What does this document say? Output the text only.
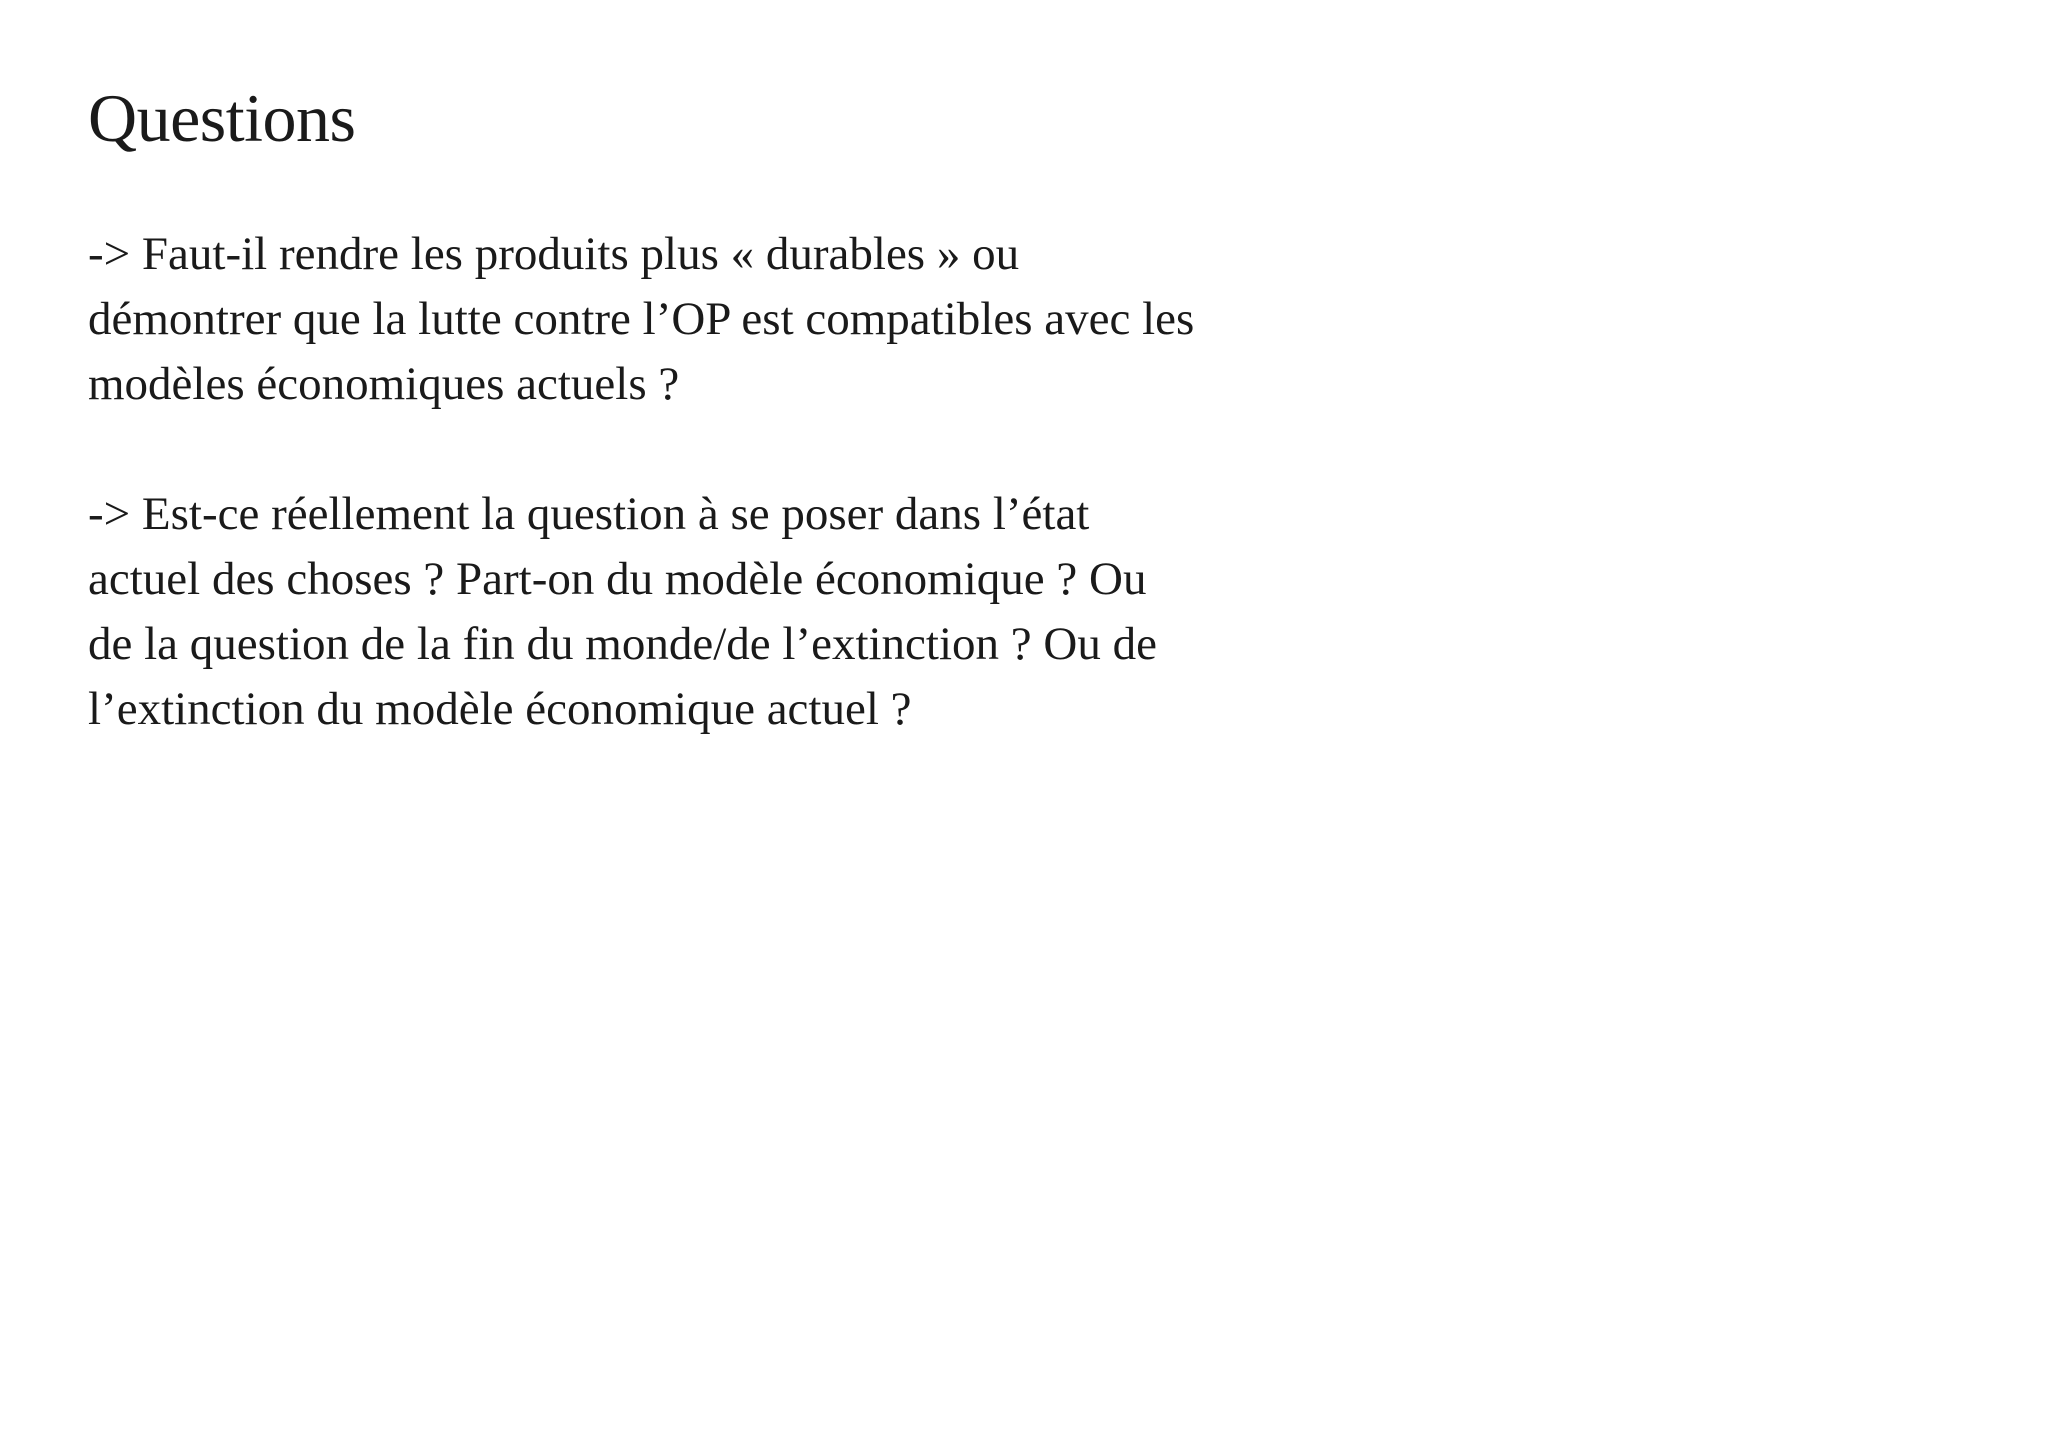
Questions

-> Faut-il rendre les produits plus « durables » ou
démontrer que la lutte contre l’OP est compatibles avec les
modèles économiques actuels ?

-> Est-ce réellement la question à se poser dans l’état
actuel des choses ? Part-on du modèle économique ? Ou
de la question de la fin du monde/de l’extinction ? Ou de
l’extinction du modèle économique actuel ?
